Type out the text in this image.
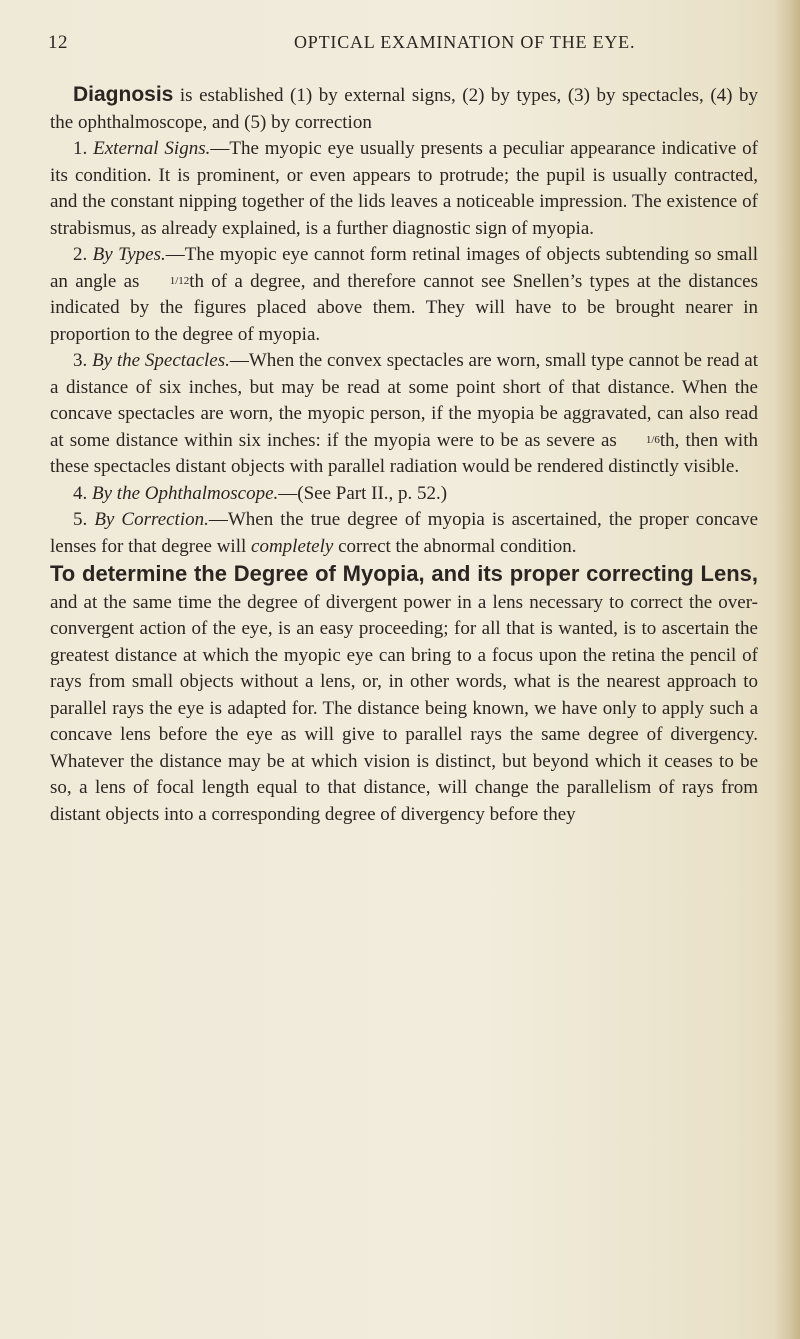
12	OPTICAL EXAMINATION OF THE EYE.

Diagnosis is established (1) by external signs, (2) by types, (3) by spectacles, (4) by the ophthalmoscope, and (5) by correction

1. External Signs.—The myopic eye usually presents a peculiar appearance indicative of its condition. It is prominent, or even appears to protrude; the pupil is usually contracted, and the constant nipping together of the lids leaves a noticeable impression. The existence of strabismus, as already explained, is a further diagnostic sign of myopia.

2. By Types.—The myopic eye cannot form retinal images of objects subtending so small an angle as 1/12th of a degree, and therefore cannot see Snellen’s types at the distances indicated by the figures placed above them. They will have to be brought nearer in proportion to the degree of myopia.

3. By the Spectacles.—When the convex spectacles are worn, small type cannot be read at a distance of six inches, but may be read at some point short of that distance. When the concave spectacles are worn, the myopic person, if the myopia be aggravated, can also read at some distance within six inches: if the myopia were to be as severe as 1/6th, then with these spectacles distant objects with parallel radiation would be rendered distinctly visible.

4. By the Ophthalmoscope.—(See Part II., p. 52.)

5. By Correction.—When the true degree of myopia is ascertained, the proper concave lenses for that degree will completely correct the abnormal condition.

To determine the Degree of Myopia, and its proper correcting Lens, and at the same time the degree of divergent power in a lens necessary to correct the over-convergent action of the eye, is an easy proceeding; for all that is wanted, is to ascertain the greatest distance at which the myopic eye can bring to a focus upon the retina the pencil of rays from small objects without a lens, or, in other words, what is the nearest approach to parallel rays the eye is adapted for. The distance being known, we have only to apply such a concave lens before the eye as will give to parallel rays the same degree of divergency. Whatever the distance may be at which vision is distinct, but beyond which it ceases to be so, a lens of focal length equal to that distance, will change the parallelism of rays from distant objects into a corresponding degree of divergency before they
